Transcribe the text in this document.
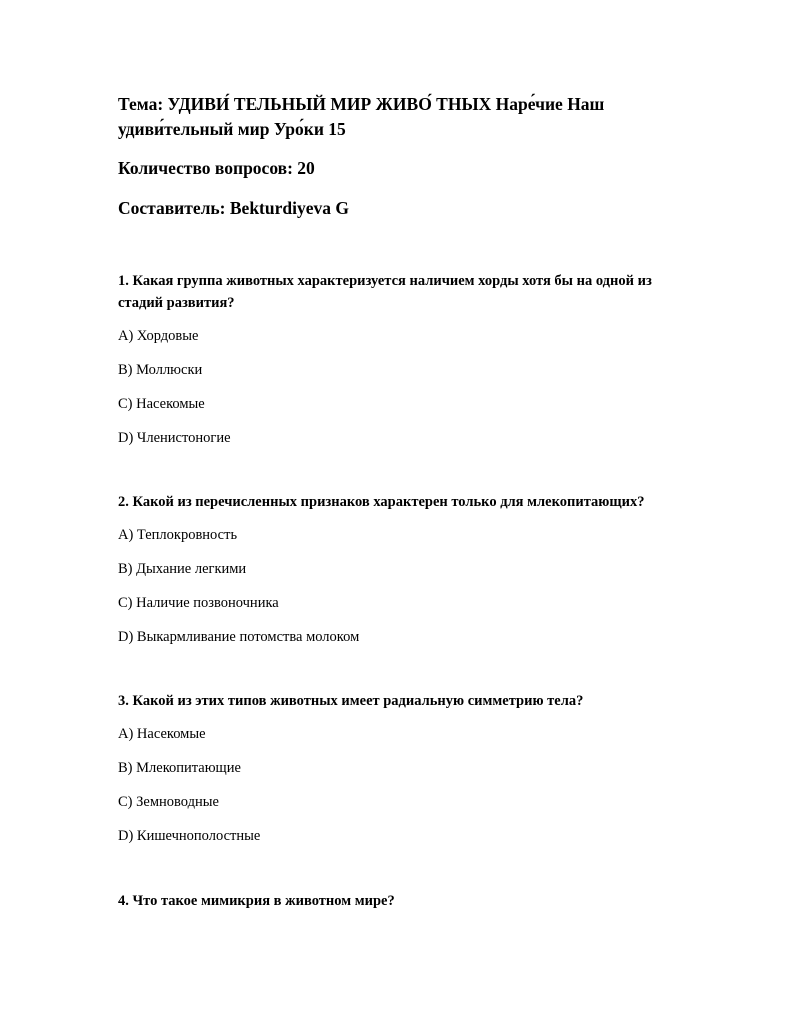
Тема: УДИВИ́ ТЕЛЬНЫЙ МИР ЖИВО́ ТНЫХ Наре́чие Наш удиви́тельный мир Уро́ки 15

Количество вопросов: 20

Составитель: Bekturdiyeva G

1. Какая группа животных характеризуется наличием хорды хотя бы на одной из стадий развития?

A) Хордовые

B) Моллюски

C) Насекомые

D) Членистоногие

2. Какой из перечисленных признаков характерен только для млекопитающих?

A) Теплокровность

B) Дыхание легкими

C) Наличие позвоночника

D) Выкармливание потомства молоком

3. Какой из этих типов животных имеет радиальную симметрию тела?

A) Насекомые

B) Млекопитающие

C) Земноводные

D) Кишечнополостные

4. Что такое мимикрия в животном мире?
